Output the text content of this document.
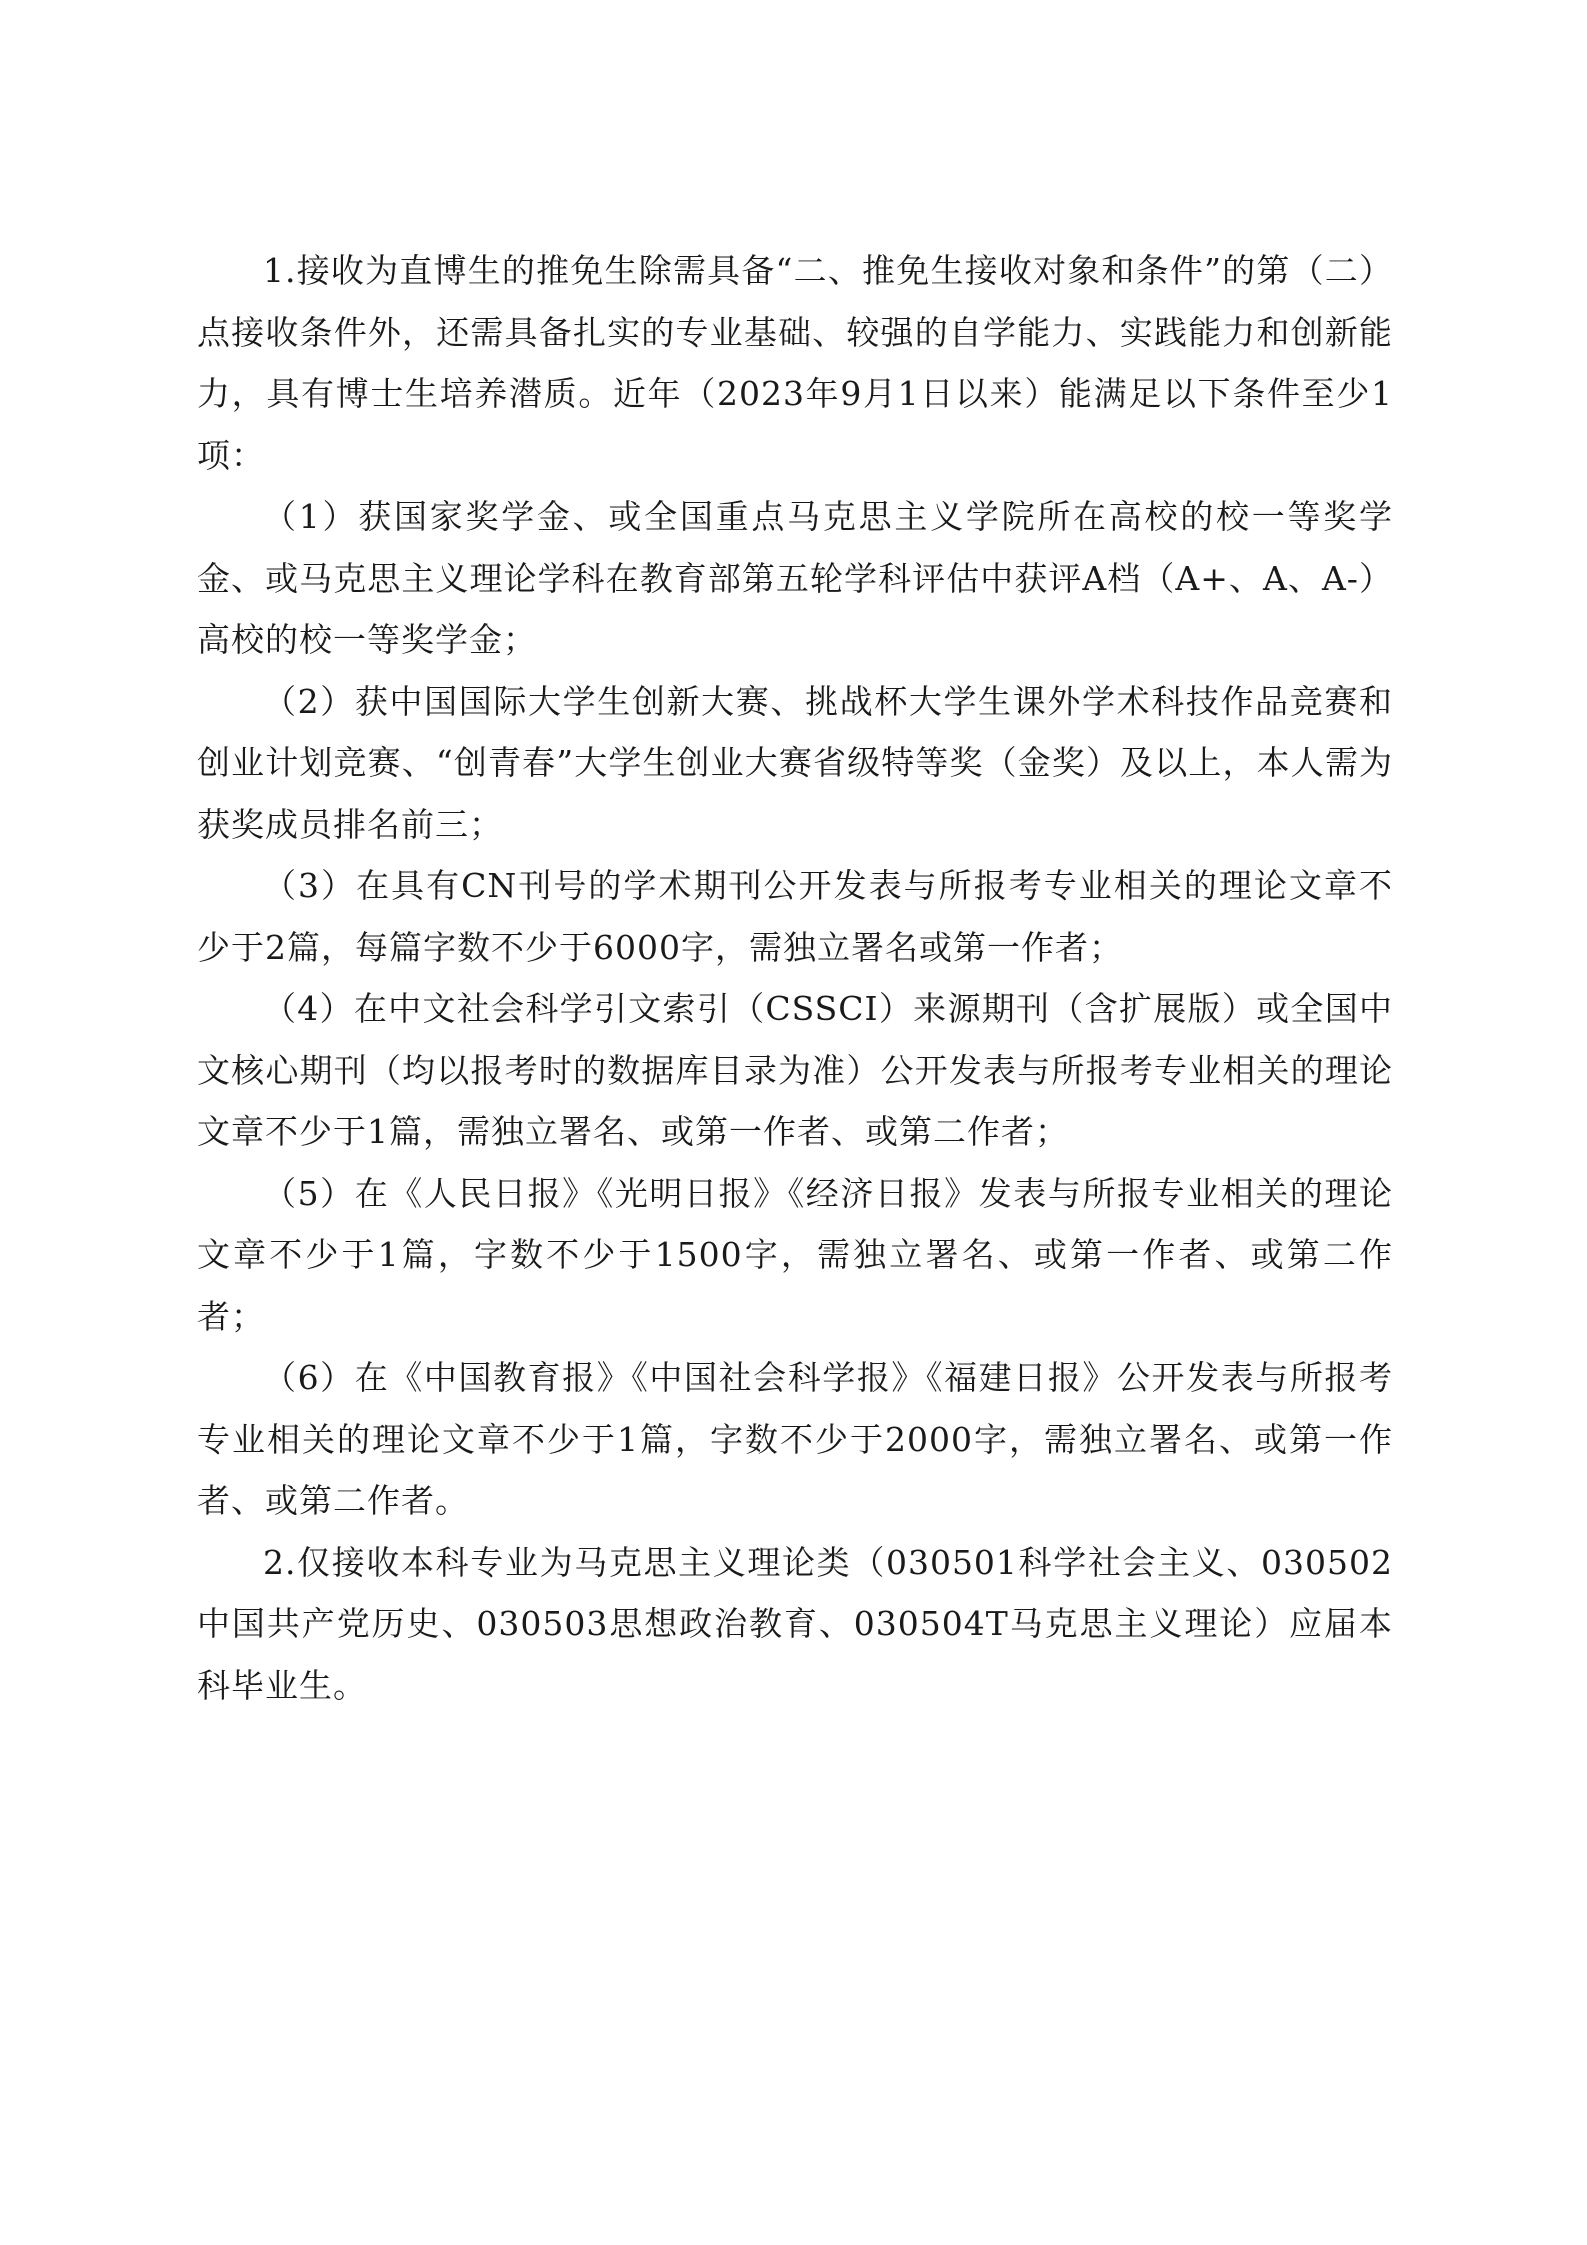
1.接收为直博生的推免生除需具备“二、推免生接收对象和条件”的第（二）点接收条件外，还需具备扎实的专业基础、较强的自学能力、实践能力和创新能力，具有博士生培养潜质。近年（2023年9月1日以来）能满足以下条件至少1项：

（1）获国家奖学金、或全国重点马克思主义学院所在高校的校一等奖学金、或马克思主义理论学科在教育部第五轮学科评估中获评A档（A+、A、A-）高校的校一等奖学金；

（2）获中国国际大学生创新大赛、挑战杯大学生课外学术科技作品竞赛和创业计划竞赛、“创青春”大学生创业大赛省级特等奖（金奖）及以上，本人需为获奖成员排名前三；

（3）在具有CN刊号的学术期刊公开发表与所报考专业相关的理论文章不少于2篇，每篇字数不少于6000字，需独立署名或第一作者；

（4）在中文社会科学引文索引（CSSCI）来源期刊（含扩展版）或全国中文核心期刊（均以报考时的数据库目录为准）公开发表与所报考专业相关的理论文章不少于1篇，需独立署名、或第一作者、或第二作者；

（5）在《人民日报》《光明日报》《经济日报》发表与所报专业相关的理论文章不少于1篇，字数不少于1500字，需独立署名、或第一作者、或第二作者；

（6）在《中国教育报》《中国社会科学报》《福建日报》公开发表与所报考专业相关的理论文章不少于1篇，字数不少于2000字，需独立署名、或第一作者、或第二作者。

2.仅接收本科专业为马克思主义理论类（030501科学社会主义、030502中国共产党历史、030503思想政治教育、030504T马克思主义理论）应届本科毕业生。
